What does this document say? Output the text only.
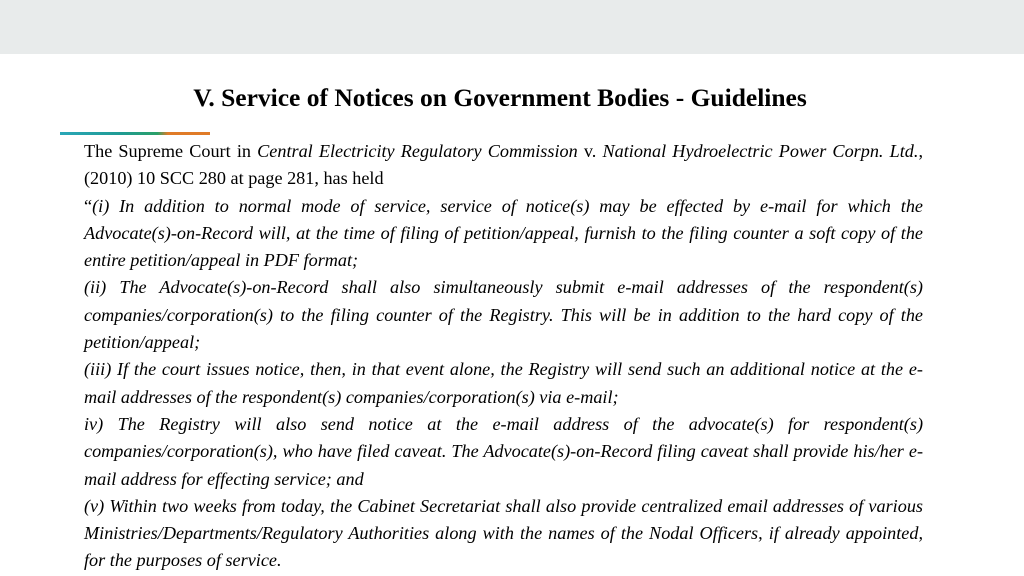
V. Service of Notices on Government Bodies - Guidelines

The Supreme Court in Central Electricity Regulatory Commission v. National Hydroelectric Power Corpn. Ltd., (2010) 10 SCC 280 at page 281, has held

“(i) In addition to normal mode of service, service of notice(s) may be effected by e-mail for which the Advocate(s)-on-Record will, at the time of filing of petition/appeal, furnish to the filing counter a soft copy of the entire petition/appeal in PDF format;

(ii) The Advocate(s)-on-Record shall also simultaneously submit e-mail addresses of the respondent(s) companies/corporation(s) to the filing counter of the Registry. This will be in addition to the hard copy of the petition/appeal;

(iii) If the court issues notice, then, in that event alone, the Registry will send such an additional notice at the e-mail addresses of the respondent(s) companies/corporation(s) via e-mail;

iv) The Registry will also send notice at the e-mail address of the advocate(s) for respondent(s) companies/corporation(s), who have filed caveat. The Advocate(s)-on-Record filing caveat shall provide his/her e-mail address for effecting service; and

(v) Within two weeks from today, the Cabinet Secretariat shall also provide centralized email addresses of various Ministries/Departments/Regulatory Authorities along with the names of the Nodal Officers, if already appointed, for the purposes of service.
